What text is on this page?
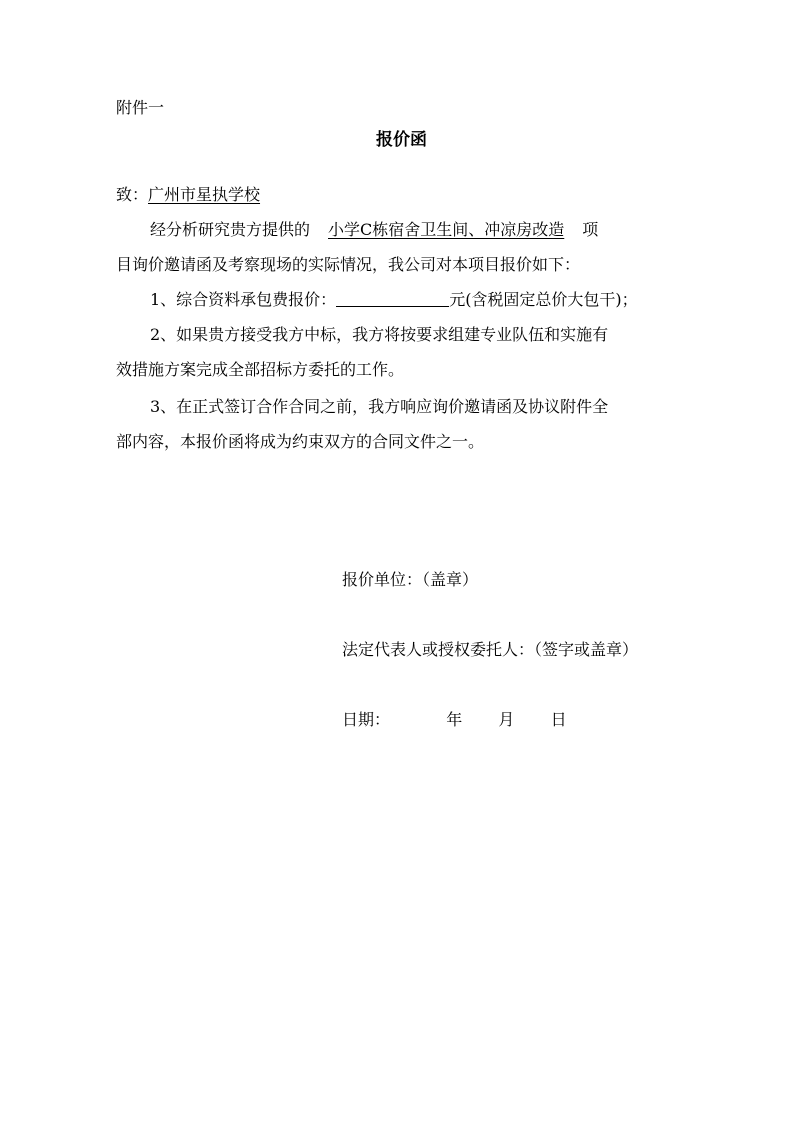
附件一
报价函
致：广州市星执学校
经分析研究贵方提供的 小学C栋宿舍卫生间、冲凉房改造 项
目询价邀请函及考察现场的实际情况，我公司对本项目报价如下：
1、综合资料承包费报价：	元(含税固定总价大包干)；
2、如果贵方接受我方中标，我方将按要求组建专业队伍和实施有
效措施方案完成全部招标方委托的工作。
3、在正式签订合作合同之前，我方响应询价邀请函及协议附件全
部内容，本报价函将成为约束双方的合同文件之一。
报价单位：（盖章）
法定代表人或授权委托人：（签字或盖章）
日期：	年 月 日
